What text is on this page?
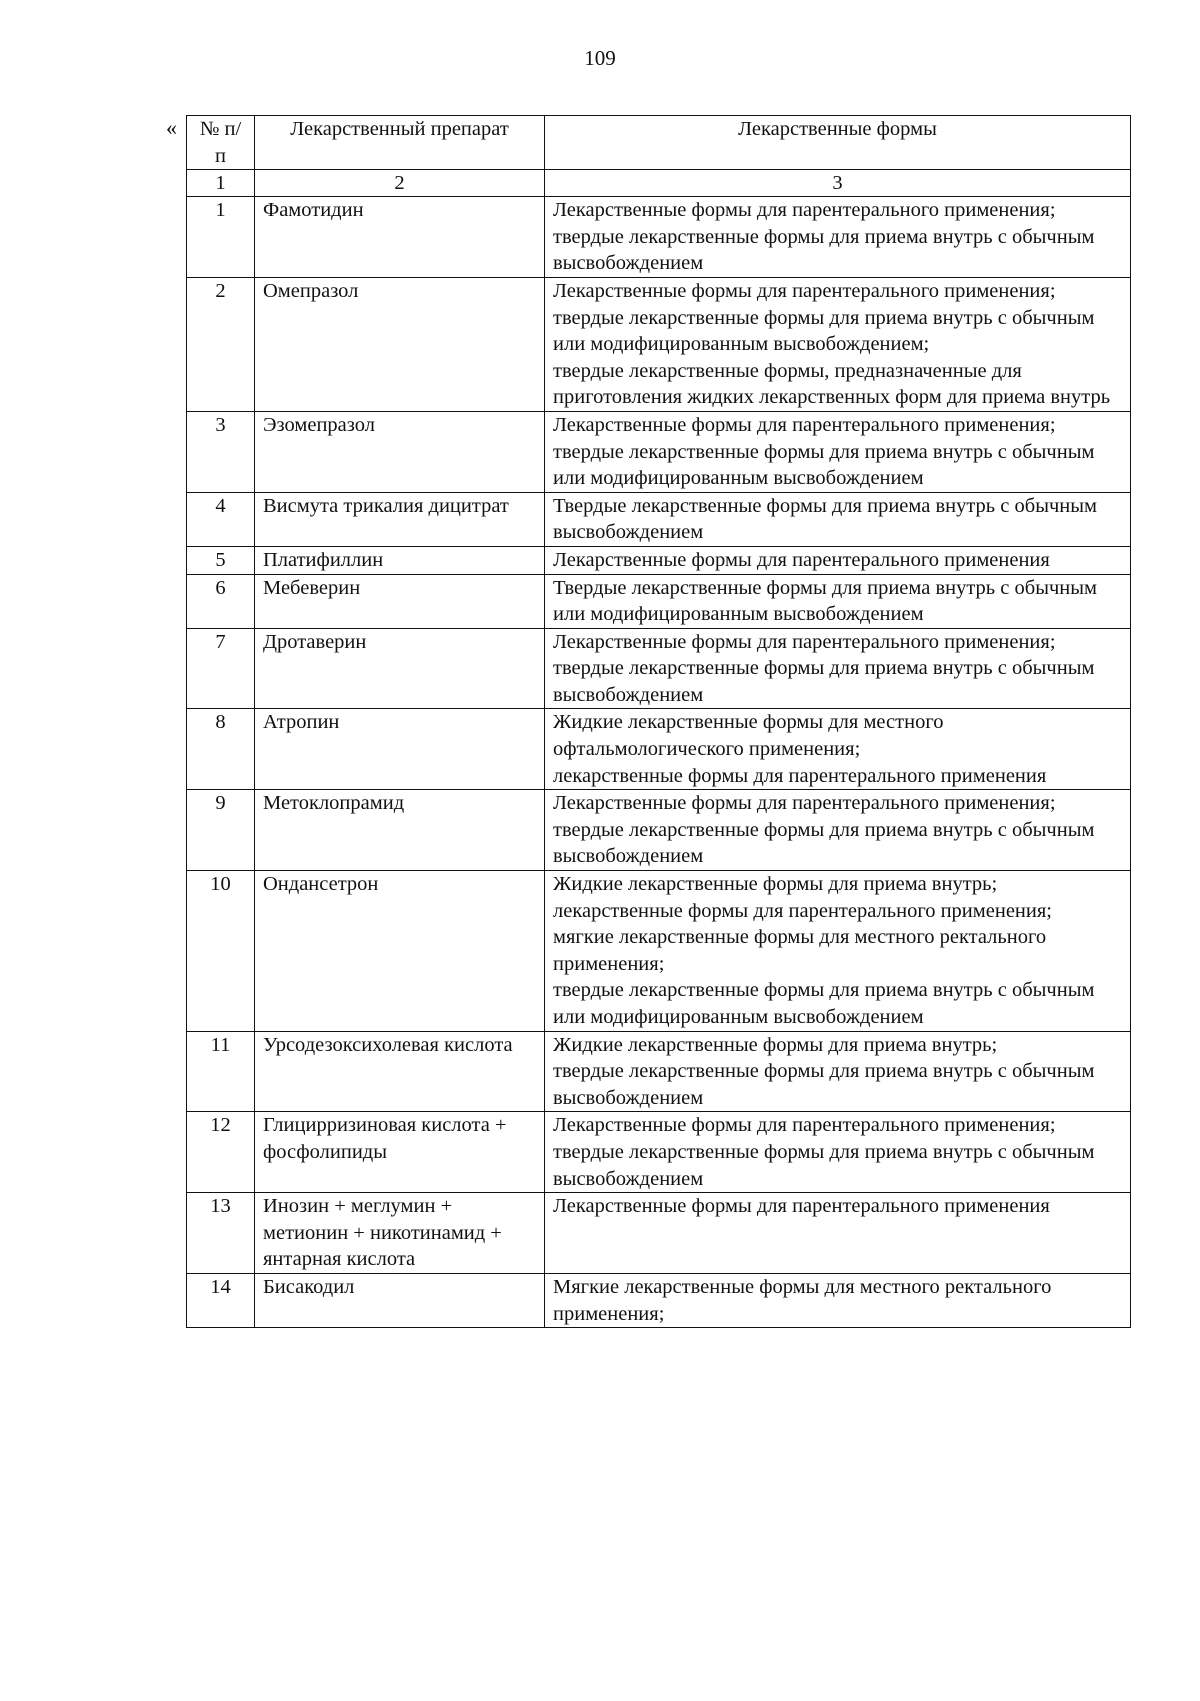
109
« № п/п	Лекарственный препарат	Лекарственные формы
1	2	3
1	Фамотидин	Лекарственные формы для парентерального применения;
твердые лекарственные формы для приема внутрь с обычным высвобождением

2	Омепразол	Лекарственные формы для парентерального применения;
твердые лекарственные формы для приема внутрь с обычным или модифицированным высвобождением;
твердые лекарственные формы, предназначенные для приготовления жидких лекарственных форм для приема внутрь

3	Эзомепразол	Лекарственные формы для парентерального применения;
твердые лекарственные формы для приема внутрь с обычным или модифицированным высвобождением

4	Висмута трикалия дицитрат	Твердые лекарственные формы для приема внутрь с обычным высвобождением

5	Платифиллин	Лекарственные формы для парентерального применения

6	Мебеверин	Твердые лекарственные формы для приема внутрь с обычным или модифицированным высвобождением

7	Дротаверин	Лекарственные формы для парентерального применения;
твердые лекарственные формы для приема внутрь с обычным высвобождением

8	Атропин	Жидкие лекарственные формы для местного офтальмологического применения;
лекарственные формы для парентерального применения

9	Метоклопрамид	Лекарственные формы для парентерального применения;
твердые лекарственные формы для приема внутрь с обычным высвобождением

10	Ондансетрон	Жидкие лекарственные формы для приема внутрь;
лекарственные формы для парентерального применения;
мягкие лекарственные формы для местного ректального применения;
твердые лекарственные формы для приема внутрь с обычным или модифицированным высвобождением

11	Урсодезоксихолевая кислота	Жидкие лекарственные формы для приема внутрь;
твердые лекарственные формы для приема внутрь с обычным высвобождением

12	Глицирризиновая кислота + фосфолипиды	Лекарственные формы для парентерального применения;
твердые лекарственные формы для приема внутрь с обычным высвобождением

13	Инозин + меглумин + метионин + никотинамид + янтарная кислота	Лекарственные формы для парентерального применения

14	Бисакодил	Мягкие лекарственные формы для местного ректального применения;
